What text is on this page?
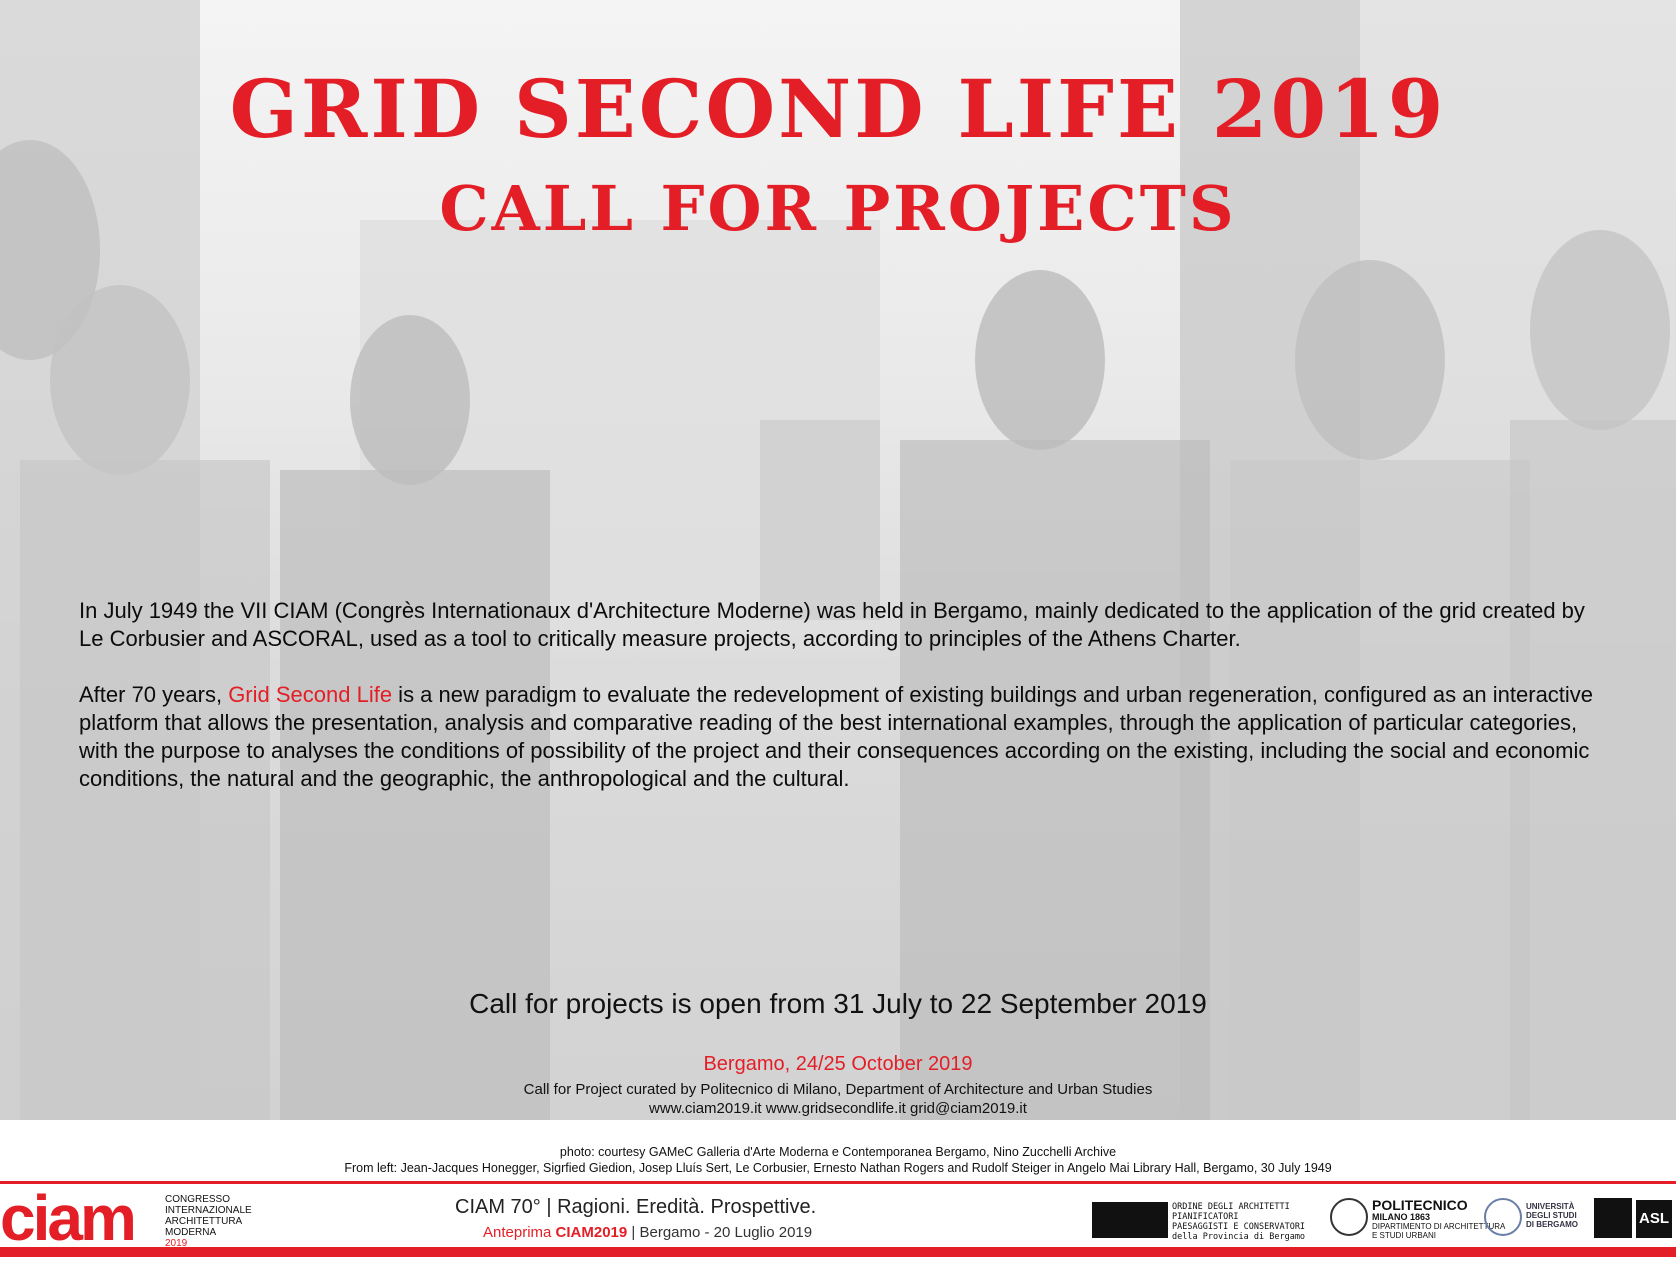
GRID SECOND LIFE 2019
CALL FOR PROJECTS

In July 1949 the VII CIAM (Congrès Internationaux d'Architecture Moderne) was held in Bergamo, mainly dedicated to the application of the grid created by Le Corbusier and ASCORAL, used as a tool to critically measure projects, according to principles of the Athens Charter.

After 70 years, Grid Second Life is a new paradigm to evaluate the redevelopment of existing buildings and urban regeneration, configured as an interactive platform that allows the presentation, analysis and comparative reading of the best international examples, through the application of particular categories, with the purpose to analyses the conditions of possibility of the project and their consequences according on the existing, including the social and economic conditions, the natural and the geographic, the anthropological and the cultural.

Call for projects is open from 31 July to 22 September 2019
Bergamo, 24/25 October 2019
Call for Project curated by Politecnico di Milano, Department of Architecture and Urban Studies
www.ciam2019.it www.gridsecondlife.it grid@ciam2019.it
photo: courtesy GAMeC Galleria d'Arte Moderna e Contemporanea Bergamo, Nino Zucchelli Archive
From left: Jean-Jacques Honegger, Sigrfied Giedion, Josep Lluís Sert, Le Corbusier, Ernesto Nathan Rogers and Rudolf Steiger in Angelo Mai Library Hall, Bergamo, 30 July 1949
ciam	CONGRESSO
INTERNAZIONALE
ARCHITETTURA
MODERNA
2019
CIAM 70° | Ragioni. Eredità. Prospettive.
Anteprima CIAM2019 | Bergamo - 20 Luglio 2019
ORDINE DEGLI ARCHITETTI
PIANIFICATORI
PAESAGGISTI E CONSERVATORI
della Provincia di Bergamo
POLITECNICO
MILANO 1863
DIPARTIMENTO DI ARCHITETTURA
E STUDI URBANI
UNIVERSITÀ
DEGLI STUDI
DI BERGAMO	ASL
